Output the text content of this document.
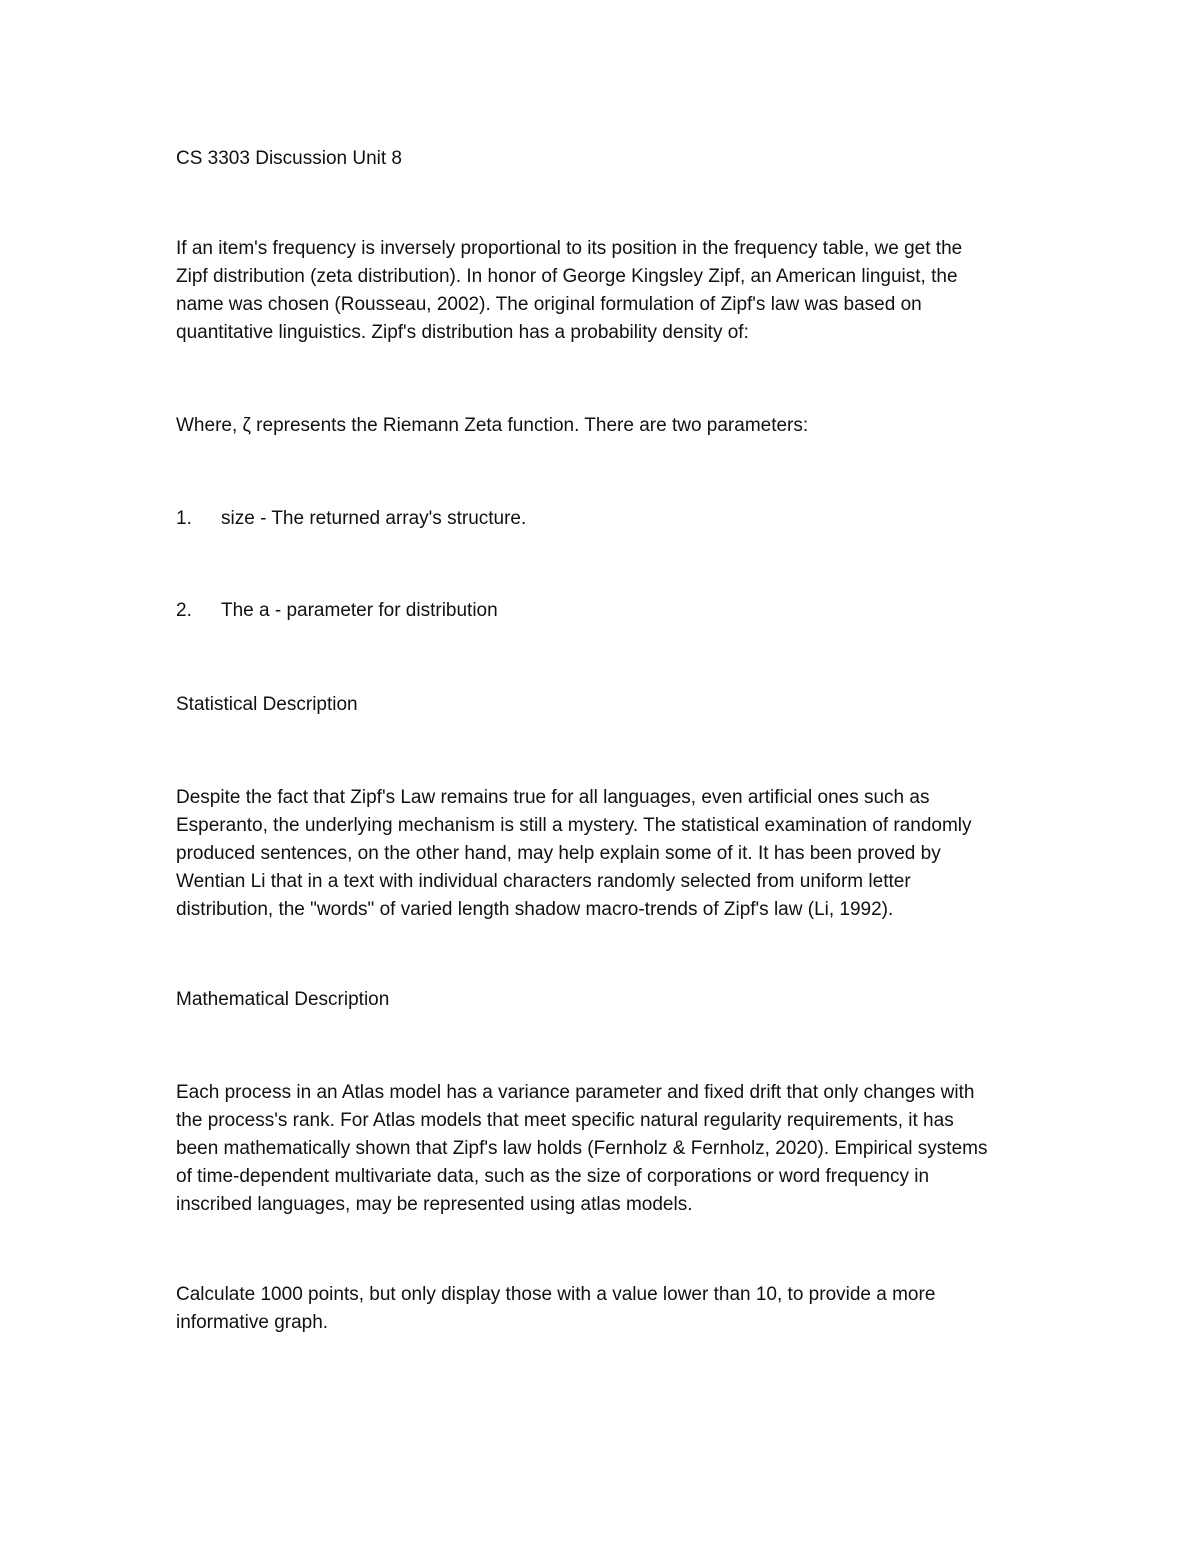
CS 3303 Discussion Unit 8

If an item's frequency is inversely proportional to its position in the frequency table, we get the

Zipf distribution (zeta distribution). In honor of George Kingsley Zipf, an American linguist, the

name was chosen (Rousseau, 2002). The original formulation of Zipf's law was based on

quantitative linguistics. Zipf's distribution has a probability density of:

Where, ζ represents the Riemann Zeta function. There are two parameters:
1. size - The returned array's structure.
2. The a - parameter for distribution
Statistical Description

Despite the fact that Zipf's Law remains true for all languages, even artificial ones such as

Esperanto, the underlying mechanism is still a mystery. The statistical examination of randomly

produced sentences, on the other hand, may help explain some of it. It has been proved by

Wentian Li that in a text with individual characters randomly selected from uniform letter

distribution, the "words" of varied length shadow macro-trends of Zipf's law (Li, 1992).

Mathematical Description

Each process in an Atlas model has a variance parameter and fixed drift that only changes with

the process's rank. For Atlas models that meet specific natural regularity requirements, it has

been mathematically shown that Zipf's law holds (Fernholz & Fernholz, 2020). Empirical systems

of time-dependent multivariate data, such as the size of corporations or word frequency in

inscribed languages, may be represented using atlas models.

Calculate 1000 points, but only display those with a value lower than 10, to provide a more

informative graph.
